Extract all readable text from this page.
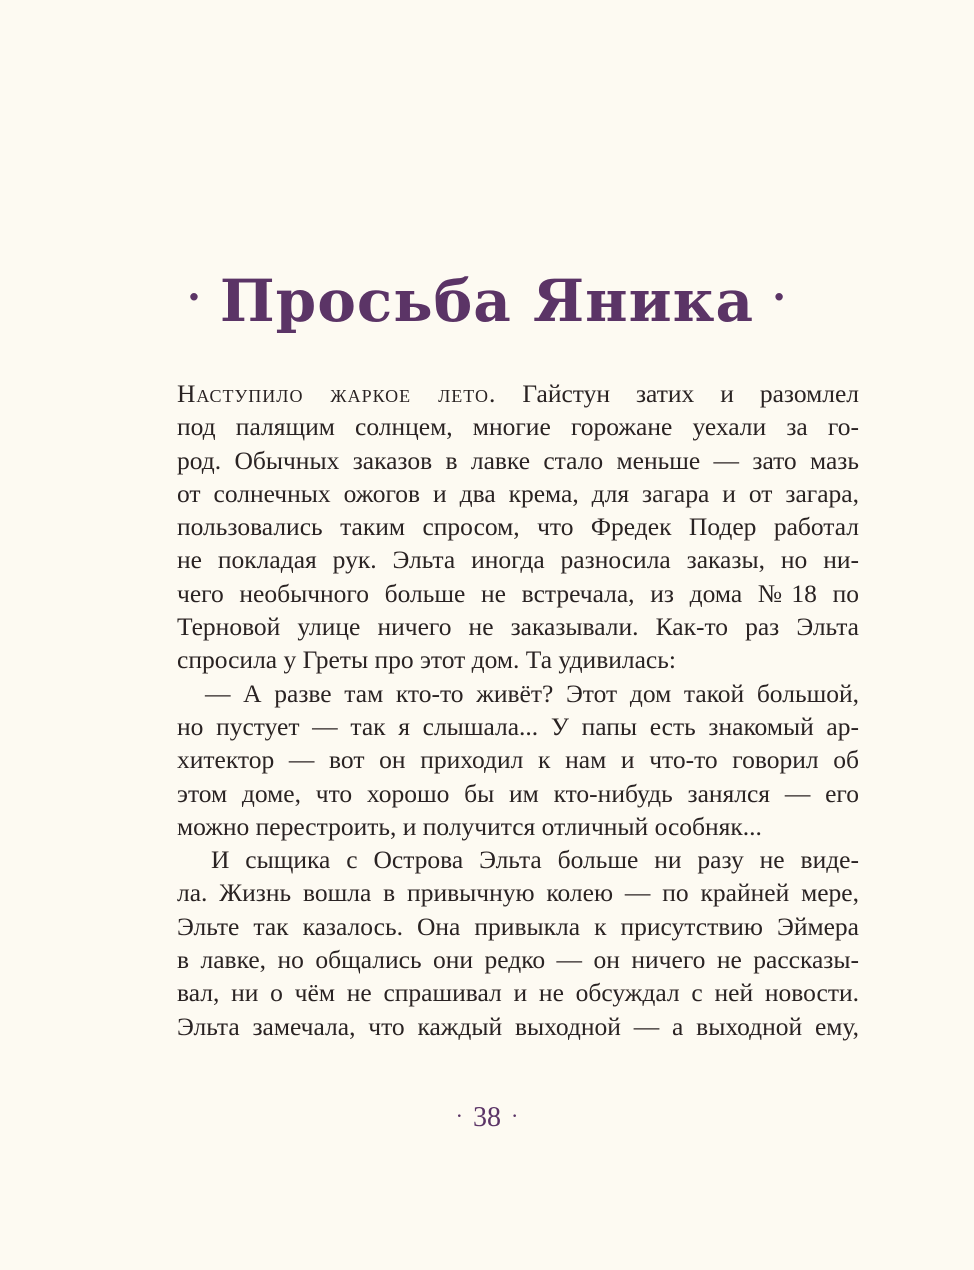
· Просьба Яника ·
Наступило жаркое лето. Гайстун затих и разомлел
под палящим солнцем, многие горожане уехали за го-
род. Обычных заказов в лавке стало меньше — зато мазь
от солнечных ожогов и два крема, для загара и от загара,
пользовались таким спросом, что Фредек Подер работал
не покладая рук. Эльта иногда разносила заказы, но ни-
чего необычного больше не встречала, из дома №18 по
Терновой улице ничего не заказывали. Как-то раз Эльта
спросила у Греты про этот дом. Та удивилась:
— А разве там кто-то живёт? Этот дом такой большой,
но пустует — так я слышала... У папы есть знакомый ар-
хитектор — вот он приходил к нам и что-то говорил об
этом доме, что хорошо бы им кто-нибудь занялся — его
можно перестроить, и получится отличный особняк...
И сыщика с Острова Эльта больше ни разу не виде-
ла. Жизнь вошла в привычную колею — по крайней мере,
Эльте так казалось. Она привыкла к присутствию Эймера
в лавке, но общались они редко — он ничего не рассказы-
вал, ни о чём не спрашивал и не обсуждал с ней новости.
Эльта замечала, что каждый выходной — а выходной ему,
· 38 ·
